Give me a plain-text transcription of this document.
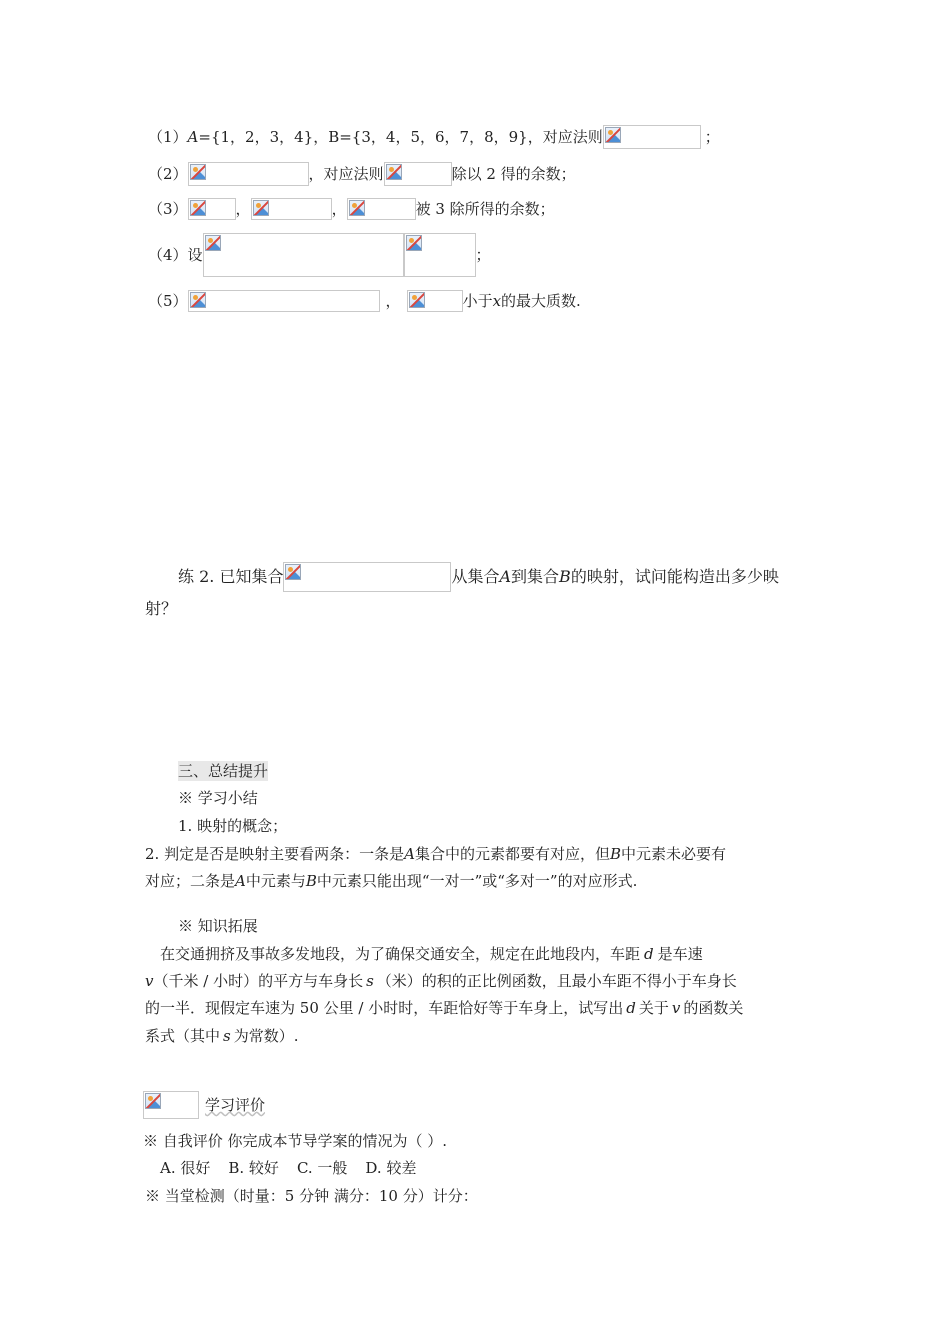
（1）A={1，2，3，4}，B={3，4，5，6，7，8，9}，对应法则	；
（2）	，对应法则	除以 2 得的余数；
（3）	，	，	被 3 除所得的余数；
（4）设	；
（5）	，	小于x的最大质数.
练 2. 已知集合	从集合A到集合B的映射，试问能构造出多少映
射？
三、总结提升
※ 学习小结
1. 映射的概念；
2. 判定是否是映射主要看两条：一条是A集合中的元素都要有对应，但B中元素未必要有
对应；二条是A中元素与B中元素只能出现“一对一”或“多对一”的对应形式.
※ 知识拓展
在交通拥挤及事故多发地段，为了确保交通安全，规定在此地段内，车距 d 是车速
v（千米 / 小时）的平方与车身长 s （米）的积的正比例函数，且最小车距不得小于车身长
的一半．现假定车速为 50 公里 / 小时时，车距恰好等于车身上，试写出 d 关于 v 的函数关
系式（其中 s 为常数）.
学习评价
※ 自我评价 你完成本节导学案的情况为（ ）.
A. 很好 B. 较好 C. 一般 D. 较差
※ 当堂检测（时量：5 分钟 满分：10 分）计分：
